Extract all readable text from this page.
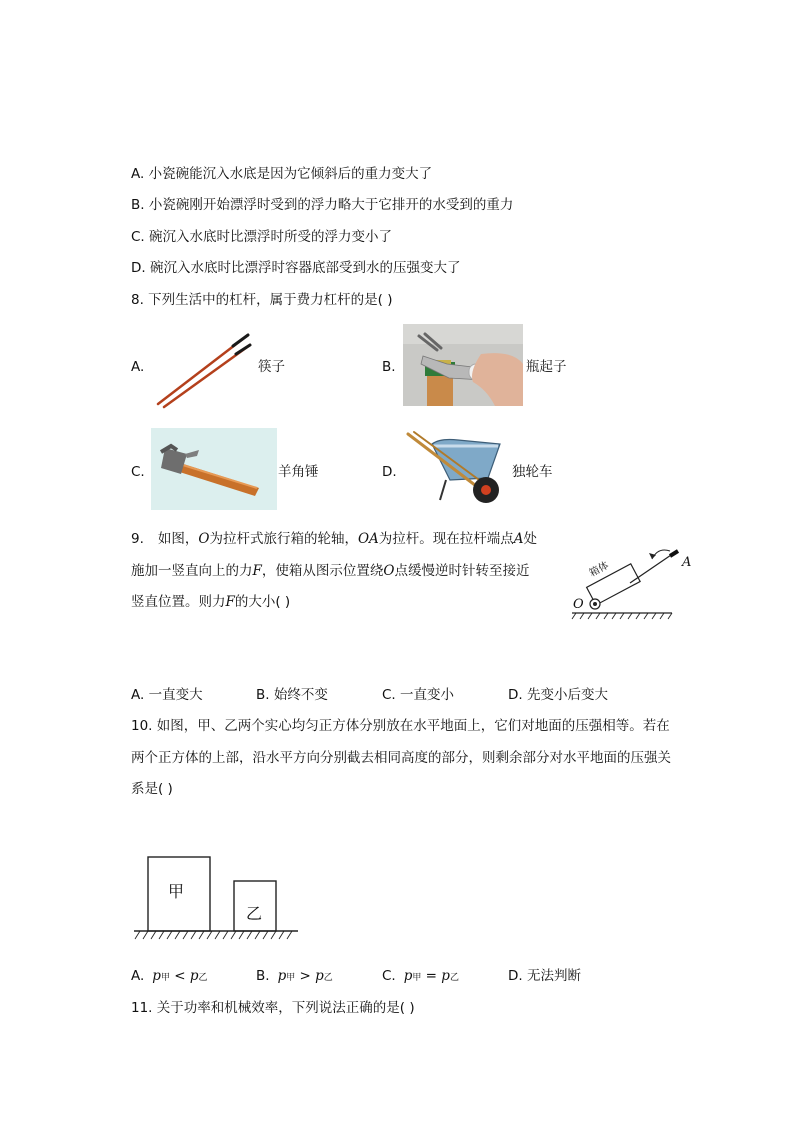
A. 小瓷碗能沉入水底是因为它倾斜后的重力变大了
B. 小瓷碗刚开始漂浮时受到的浮力略大于它排开的水受到的重力
C. 碗沉入水底时比漂浮时所受的浮力变小了
D. 碗沉入水底时比漂浮时容器底部受到水的压强变大了
8. 下列生活中的杠杆，属于费力杠杆的是( )
A.	筷子	B.	瓶起子
C.	羊角锤	D.	独轮车
9. 如图，O为拉杆式旅行箱的轮轴，OA为拉杆。现在拉杆端点A处
施加一竖直向上的力F，使箱从图示位置绕O点缓慢逆时针转至接近
竖直位置。则力F的大小( )
箱体
O
A
A. 一直变大	B. 始终不变	C. 一直变小	D. 先变小后变大
10. 如图，甲、乙两个实心均匀正方体分别放在水平地面上，它们对地面的压强相等。若在
两个正方体的上部，沿水平方向分别截去相同高度的部分，则剩余部分对水平地面的压强关
系是( )
甲
乙
A. p甲 < p乙	B. p甲 > p乙	C. p甲 = p乙	D. 无法判断
11. 关于功率和机械效率，下列说法正确的是( )
